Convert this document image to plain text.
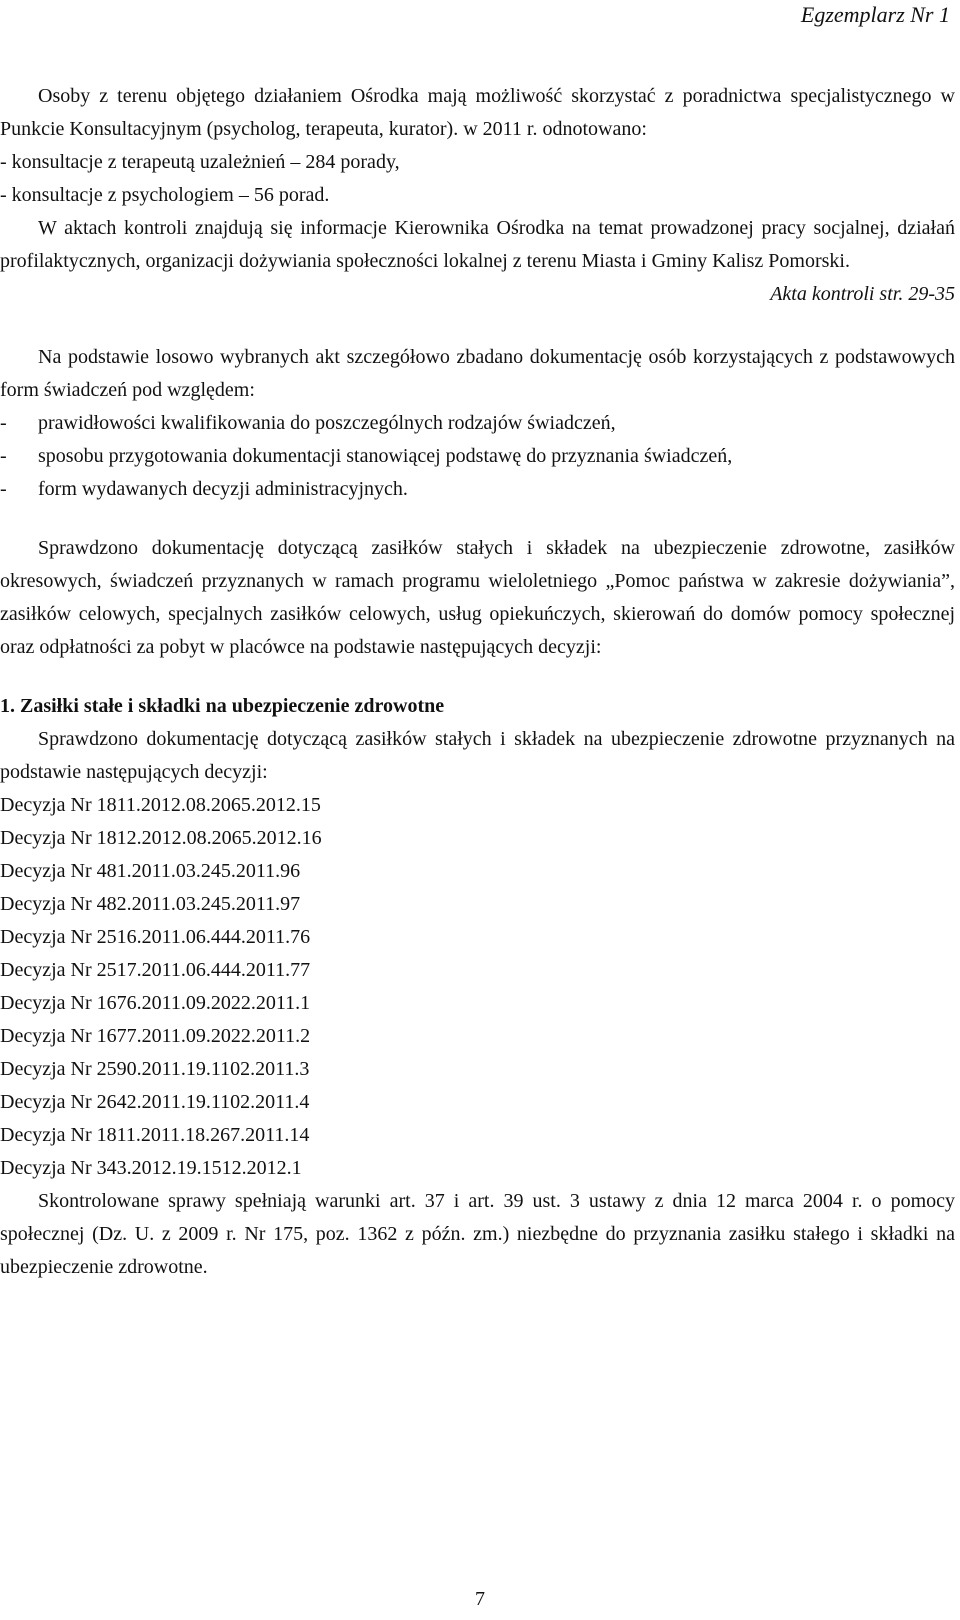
Egzemplarz Nr 1

Osoby z terenu objętego działaniem Ośrodka mają możliwość skorzystać z poradnictwa specjalistycznego w Punkcie Konsultacyjnym (psycholog, terapeuta, kurator). w 2011 r. odnotowano:

- konsultacje z terapeutą uzależnień – 284 porady,
- konsultacje z psychologiem – 56 porad.

W aktach kontroli znajdują się informacje Kierownika Ośrodka na temat prowadzonej pracy socjalnej, działań profilaktycznych, organizacji dożywiania społeczności lokalnej z terenu Miasta i Gminy Kalisz Pomorski.

Akta kontroli str. 29-35

Na podstawie losowo wybranych akt szczegółowo zbadano dokumentację osób korzystających z podstawowych form świadczeń pod względem:

-	prawidłowości kwalifikowania do poszczególnych rodzajów świadczeń,
-	sposobu przygotowania dokumentacji stanowiącej podstawę do przyznania świadczeń,
-	form wydawanych decyzji administracyjnych.

Sprawdzono dokumentację dotyczącą zasiłków stałych i składek na ubezpieczenie zdrowotne, zasiłków okresowych, świadczeń przyznanych w ramach programu wieloletniego „Pomoc państwa w zakresie dożywiania”, zasiłków celowych, specjalnych zasiłków celowych, usług opiekuńczych, skierowań do domów pomocy społecznej oraz odpłatności za pobyt w placówce na podstawie następujących decyzji:

1. Zasiłki stałe i składki na ubezpieczenie zdrowotne

Sprawdzono dokumentację dotyczącą zasiłków stałych i składek na ubezpieczenie zdrowotne przyznanych na podstawie następujących decyzji:

Decyzja Nr 1811.2012.08.2065.2012.15
Decyzja Nr 1812.2012.08.2065.2012.16
Decyzja Nr 481.2011.03.245.2011.96
Decyzja Nr 482.2011.03.245.2011.97
Decyzja Nr 2516.2011.06.444.2011.76
Decyzja Nr 2517.2011.06.444.2011.77
Decyzja Nr 1676.2011.09.2022.2011.1
Decyzja Nr 1677.2011.09.2022.2011.2
Decyzja Nr 2590.2011.19.1102.2011.3
Decyzja Nr 2642.2011.19.1102.2011.4
Decyzja Nr 1811.2011.18.267.2011.14
Decyzja Nr 343.2012.19.1512.2012.1

Skontrolowane sprawy spełniają warunki art. 37 i art. 39 ust. 3 ustawy z dnia 12 marca 2004 r. o pomocy społecznej (Dz. U. z 2009 r. Nr 175, poz. 1362 z późn. zm.) niezbędne do przyznania zasiłku stałego i składki na ubezpieczenie zdrowotne.

7
